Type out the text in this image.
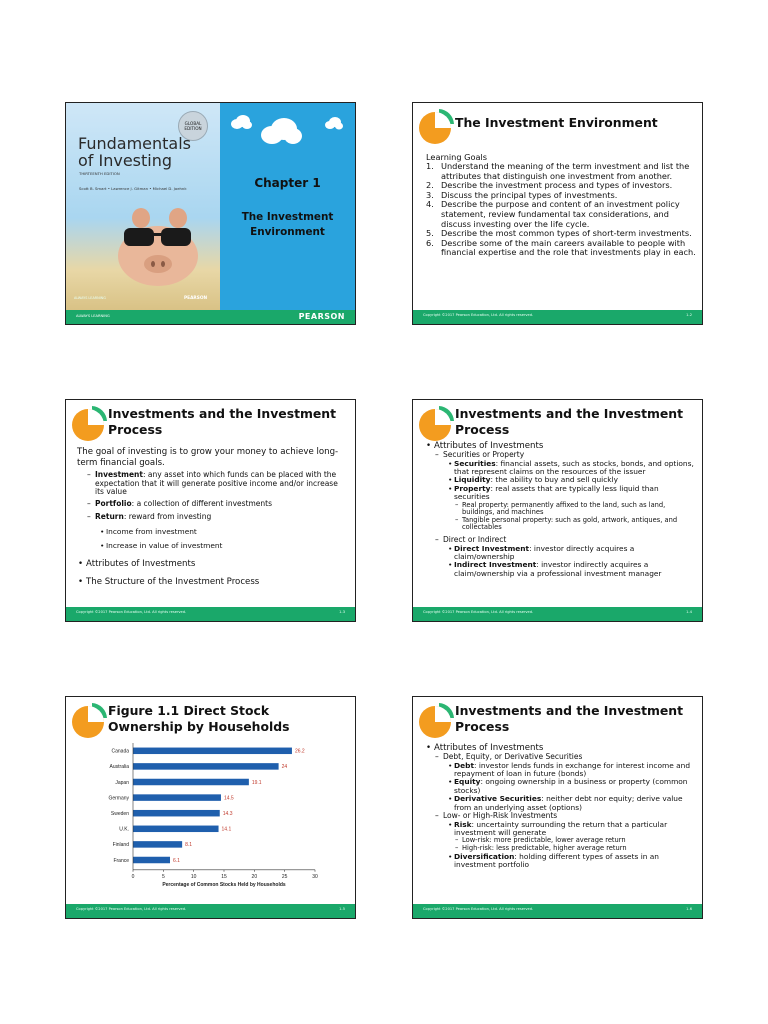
GLOBAL EDITION
Fundamentals of Investing
THIRTEENTH EDITION
Scott B. Smart • Lawrence J. Gitman • Michael D. Joehnk
PEARSON
ALWAYS LEARNING
Chapter 1
The Investment
Environment
ALWAYS LEARNING	PEARSON
The Investment Environment
Learning Goals
1. Understand the meaning of the term investment and list the attributes that distinguish one investment from another.
2. Describe the investment process and types of investors.
3. Discuss the principal types of investments.
4. Describe the purpose and content of an investment policy statement, review fundamental tax considerations, and discuss investing over the life cycle.
5. Describe the most common types of short-term investments.
6. Describe some of the main careers available to people with financial expertise and the role that investments play in each.
Copyright ©2017 Pearson Education, Ltd. All rights reserved.	1-2
Investments and the Investment
Process
The goal of investing is to grow your money to achieve long-term financial goals.
– Investment: any asset into which funds can be placed with the expectation that it will generate positive income and/or increase its value
– Portfolio: a collection of different investments
– Return: reward from investing
• Income from investment
• Increase in value of investment
• Attributes of Investments
• The Structure of the Investment Process
Copyright ©2017 Pearson Education, Ltd. All rights reserved.	1-3
Investments and the Investment
Process
• Attributes of Investments
– Securities or Property
• Securities: financial assets, such as stocks, bonds, and options, that represent claims on the resources of the issuer
• Liquidity: the ability to buy and sell quickly
• Property: real assets that are typically less liquid than securities
– Real property: permanently affixed to the land, such as land, buildings, and machines
– Tangible personal property: such as gold, artwork, antiques, and collectables
– Direct or Indirect
• Direct Investment: investor directly acquires a claim/ownership
• Indirect Investment: investor indirectly acquires a claim/ownership via a professional investment manager
Copyright ©2017 Pearson Education, Ltd. All rights reserved.	1-4
Figure 1.1 Direct Stock
Ownership by Households
Canada	26.2
Australia	24
Japan	19.1
Germany	14.5
Sweden	14.3
U.K.	14.1
Finland	8.1
France	6.1
0	5	10	15	20	25	30
Percentage of Common Stocks Held by Households
Copyright ©2017 Pearson Education, Ltd. All rights reserved.	1-5
Investments and the Investment
Process
• Attributes of Investments
– Debt, Equity, or Derivative Securities
• Debt: investor lends funds in exchange for interest income and repayment of loan in future (bonds)
• Equity: ongoing ownership in a business or property (common stocks)
• Derivative Securities: neither debt nor equity; derive value from an underlying asset (options)
– Low- or High-Risk Investments
• Risk: uncertainty surrounding the return that a particular investment will generate
– Low-risk: more predictable, lower average return
– High-risk: less predictable, higher average return
• Diversification: holding different types of assets in an investment portfolio
Copyright ©2017 Pearson Education, Ltd. All rights reserved.	1-6
